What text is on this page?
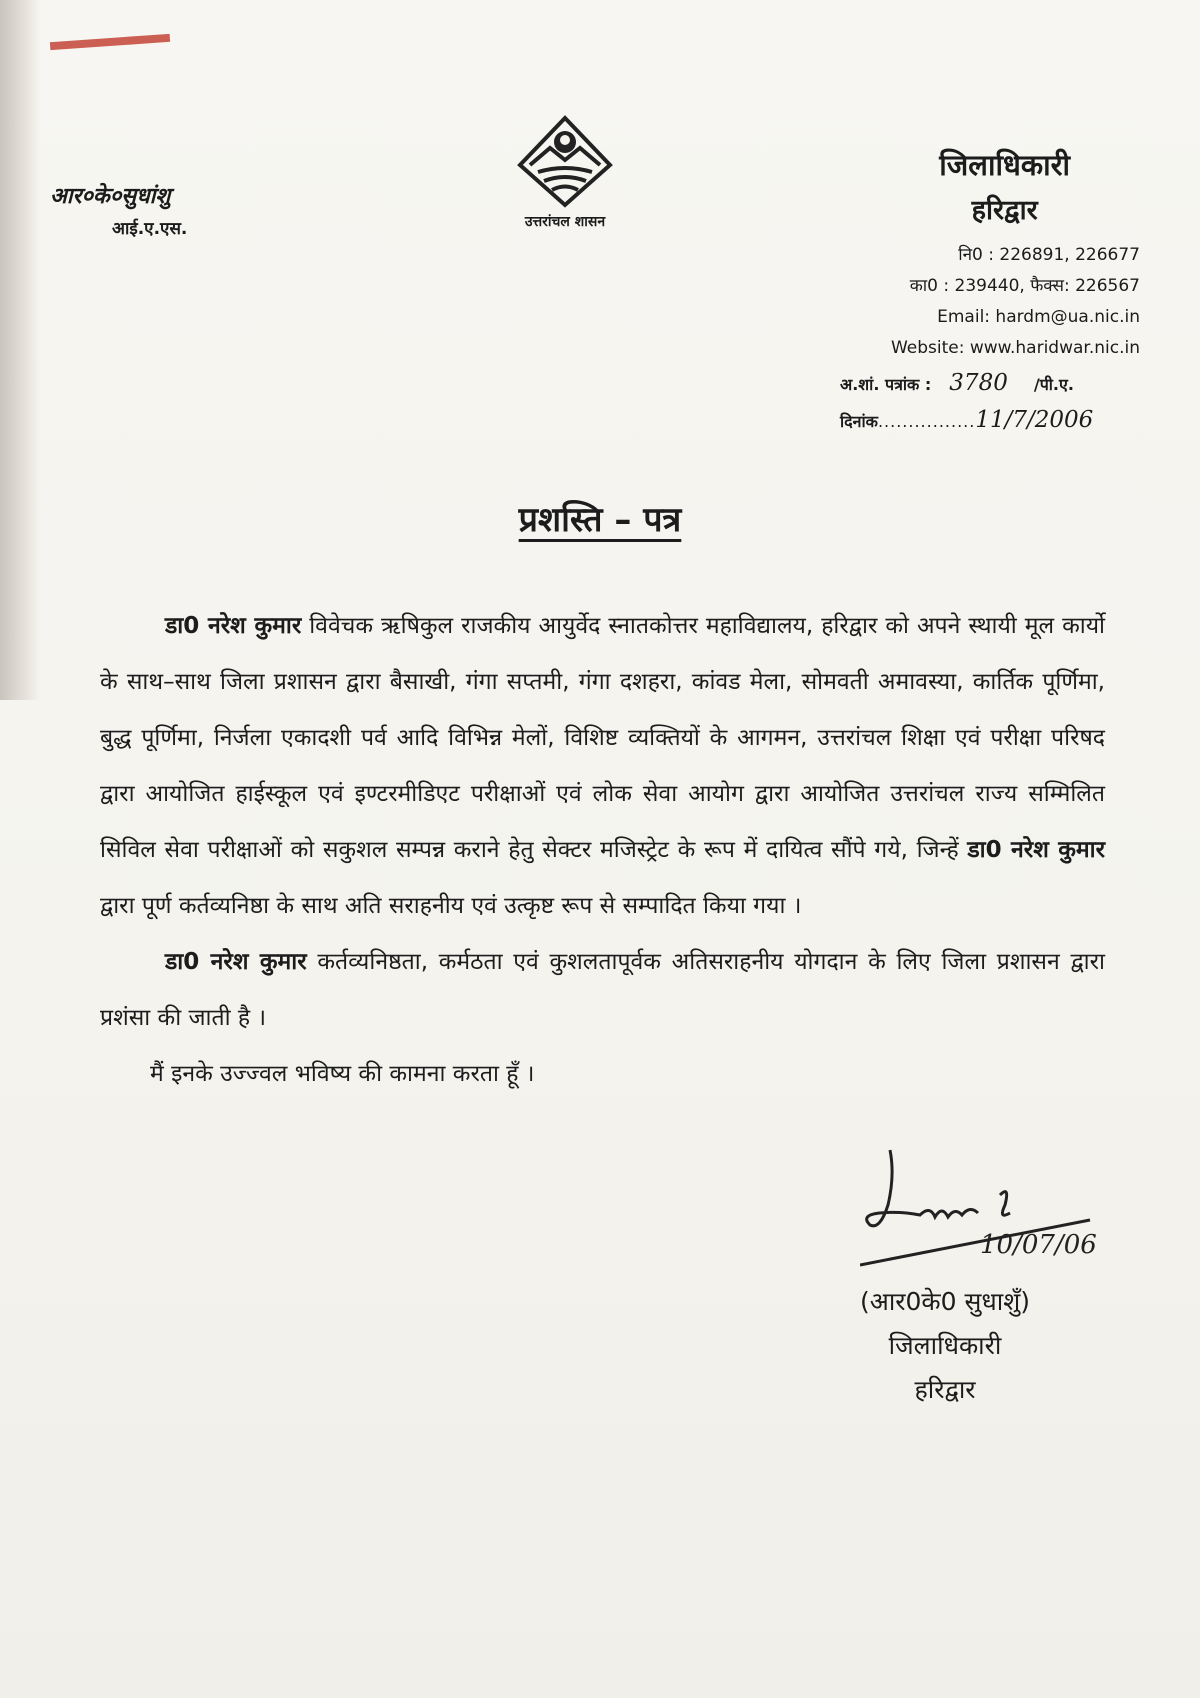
आर०के०सुधांशु
आई.ए.एस.	उत्तरांचल शासन
जिलाधिकारी
हरिद्वार
नि0 : 226891, 226677
का0 : 239440, फैक्स: 226567
Email: hardm@ua.nic.in
Website: www.haridwar.nic.in
अ.शां. पत्रांक : 3780 /पी.ए.
दिनांक................11/7/2006
प्रशस्ति – पत्र

डा0 नरेश कुमार विवेचक ऋषिकुल राजकीय आयुर्वेद स्नातकोत्तर महाविद्यालय, हरिद्वार को अपने स्थायी मूल कार्यो के साथ–साथ जिला प्रशासन द्वारा बैसाखी, गंगा सप्तमी, गंगा दशहरा, कांवड मेला, सोमवती अमावस्या, कार्तिक पूर्णिमा, बुद्ध पूर्णिमा, निर्जला एकादशी पर्व आदि विभिन्न मेलों, विशिष्ट व्यक्तियों के आगमन, उत्तरांचल शिक्षा एवं परीक्षा परिषद द्वारा आयोजित हाईस्कूल एवं इण्टरमीडिएट परीक्षाओं एवं लोक सेवा आयोग द्वारा आयोजित उत्तरांचल राज्य सम्मिलित सिविल सेवा परीक्षाओं को सकुशल सम्पन्न कराने हेतु सेक्टर मजिस्ट्रेट के रूप में दायित्व सौंपे गये, जिन्हें डा0 नरेश कुमार द्वारा पूर्ण कर्तव्यनिष्ठा के साथ अति सराहनीय एवं उत्कृष्ट रूप से सम्पादित किया गया ।

डा0 नरेश कुमार कर्तव्यनिष्ठता, कर्मठता एवं कुशलतापूर्वक अतिसराहनीय योगदान के लिए जिला प्रशासन द्वारा प्रशंसा की जाती है ।

मैं इनके उज्ज्वल भविष्य की कामना करता हूँ ।

10/07/06
(आर0के0 सुधाशुँ)
जिलाधिकारी
हरिद्वार
